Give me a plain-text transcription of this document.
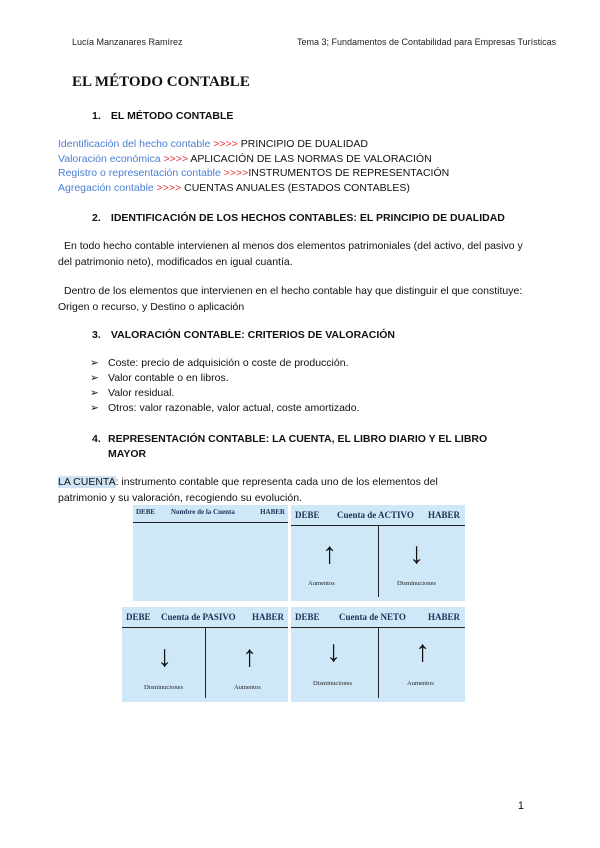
Lucía Manzanares Ramírez	Tema 3; Fundamentos de Contabilidad para Empresas Turísticas
EL MÉTODO CONTABLE
1. EL MÉTODO CONTABLE
Identificación del hecho contable >>>> PRINCIPIO DE DUALIDAD
Valoración económica >>>> APLICACIÓN DE LAS NORMAS DE VALORACIÓN
Registro o representación contable >>>>INSTRUMENTOS DE REPRESENTACIÓN
Agregación contable >>>> CUENTAS ANUALES (ESTADOS CONTABLES)
2. IDENTIFICACIÓN DE LOS HECHOS CONTABLES: EL PRINCIPIO DE DUALIDAD
En todo hecho contable intervienen al menos dos elementos patrimoniales (del activo, del pasivo y del patrimonio neto), modificados en igual cuantía.
Dentro de los elementos que intervienen en el hecho contable hay que distinguir el que constituye: Origen o recurso, y Destino o aplicación
3. VALORACIÓN CONTABLE: CRITERIOS DE VALORACIÓN
➢ Coste: precio de adquisición o coste de producción.
➢ Valor contable o en libros.
➢ Valor residual.
➢ Otros: valor razonable, valor actual, coste amortizado.
4. REPRESENTACIÓN CONTABLE: LA CUENTA, EL LIBRO DIARIO Y EL LIBRO
MAYOR
LA CUENTA: instrumento contable que representa cada uno de los elementos del patrimonio y su valoración, recogiendo su evolución.
DEBE Nombre de la Cuenta	HABER DEBE Cuenta de ACTIVO HABER
↑ ↓
Aumentos	Disminuciones
DEBE Cuenta de PASIVO HABER
↓ ↑
Disminuciones	Aumentos
DEBE Cuenta de NETO HABER
↓ ↑
Disminuciones	Aumentos
1
